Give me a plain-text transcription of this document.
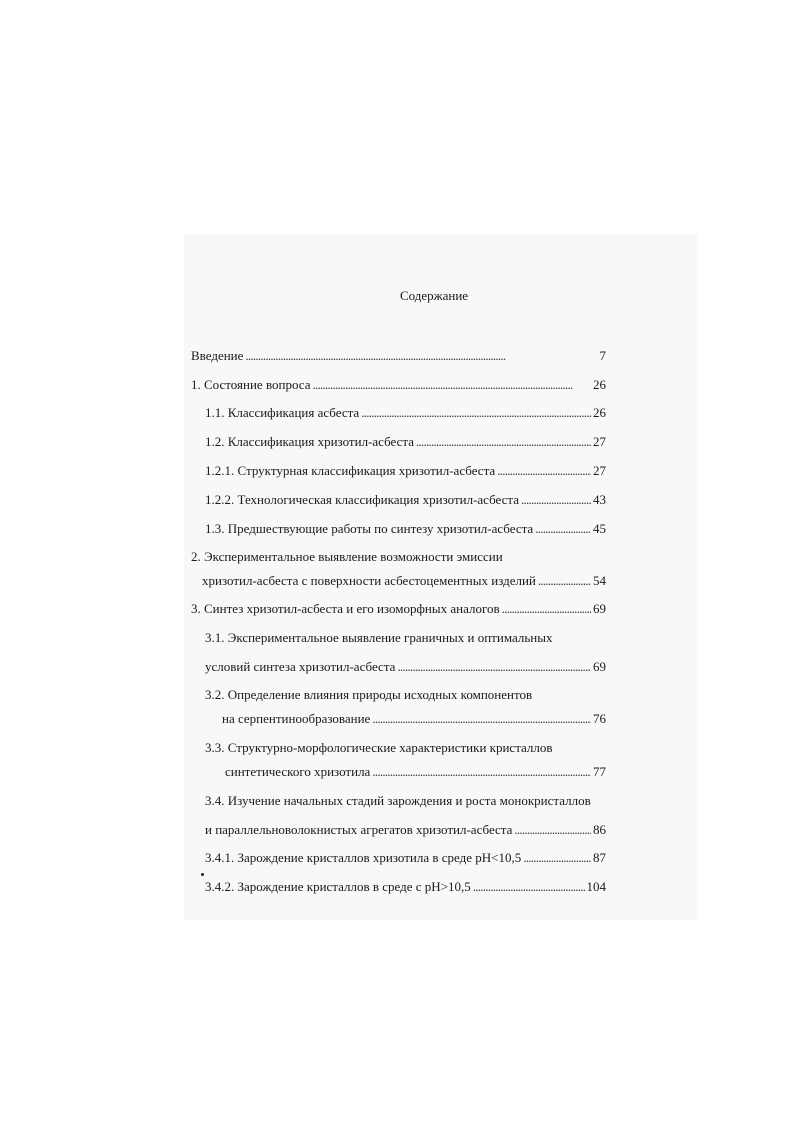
Содержание
Введение . . .	7
1. Состояние вопроса . . .	26
1.1. Классификация асбеста . . .	26
1.2. Классификация хризотил-асбеста . . .	27
1.2.1. Структурная классификация хризотил-асбеста . . .	27
1.2.2. Технологическая классификация хризотил-асбеста . . .	43
1.3. Предшествующие работы по синтезу хризотил-асбеста . . .	45
2. Экспериментальное выявление возможности эмиссии
хризотил-асбеста с поверхности асбестоцементных изделий . . .	54
3. Синтез хризотил-асбеста и его изоморфных аналогов . . .	69
3.1. Экспериментальное выявление граничных и оптимальных
условий синтеза хризотил-асбеста . . .	69
3.2. Определение влияния природы исходных компонентов
на серпентинообразование . . .	76
3.3. Структурно-морфологические характеристики кристаллов
синтетического хризотила . . .	77
3.4. Изучение начальных стадий зарождения и роста монокристаллов
и параллельноволокнистых агрегатов хризотил-асбеста . . .	86
3.4.1. Зарождение кристаллов хризотила в среде pH<10,5 . . .	87
3.4.2. Зарождение кристаллов в среде с pH>10,5 . . .	104
